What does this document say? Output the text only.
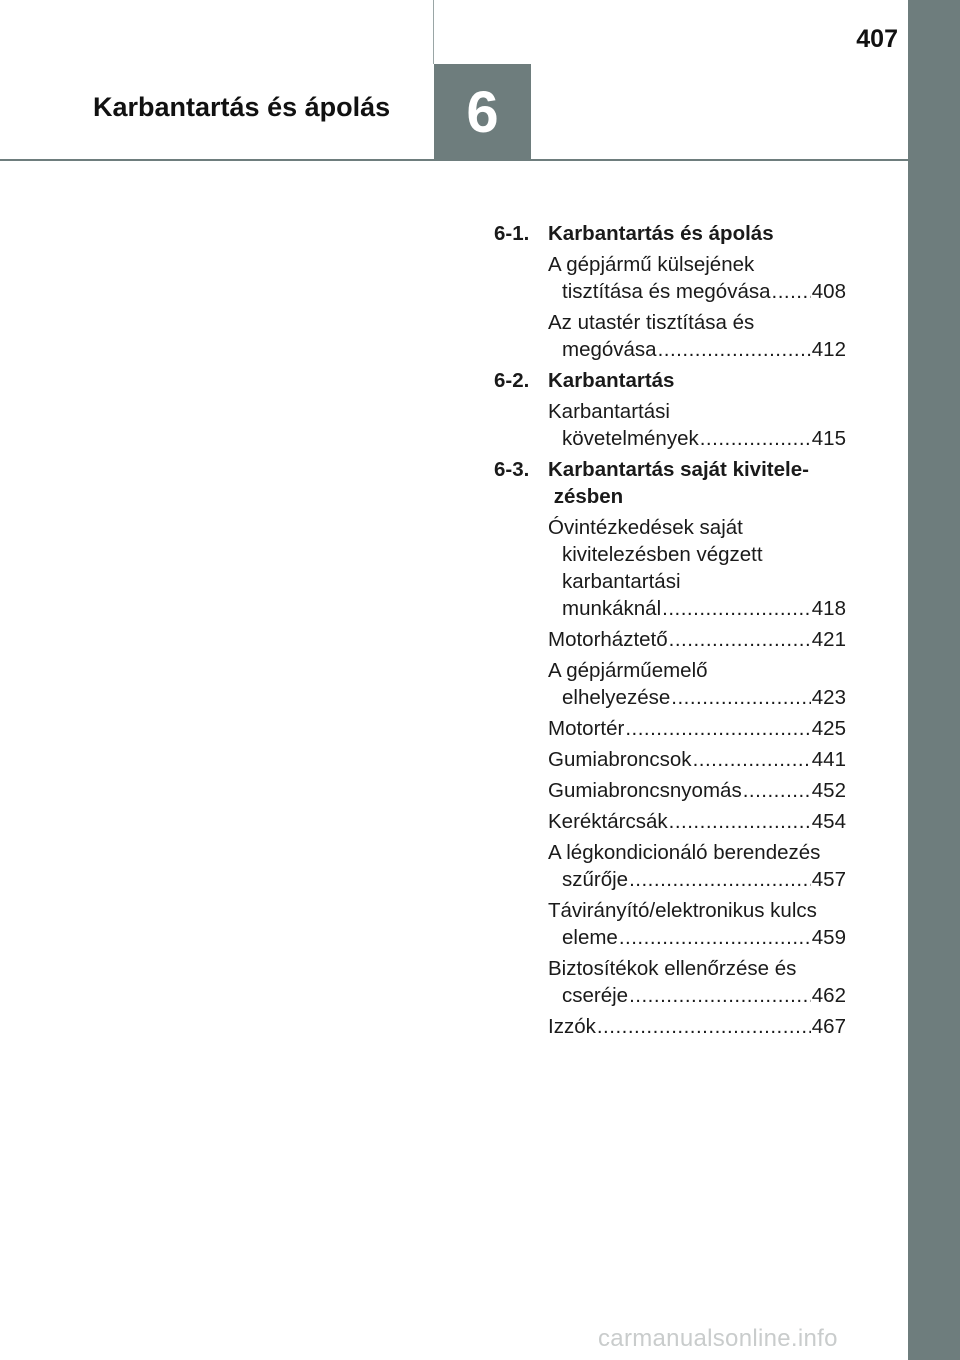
Karbantartás és ápolás	6
407
6-1. Karbantartás és ápolás
A gépjármű külsejének
tisztítása és megóvása ..... 408
Az utastér tisztítása és
megóvása .....	412
6-2. Karbantartás
Karbantartási
követelmények .....	415
6-3. Karbantartás saját kivitele- zésben
Óvintézkedések saját
kivitelezésben végzett
karbantartási
munkáknál .....	418
Motorháztető .....	421
A gépjárműemelő
elhelyezése .....	423
Motortér .....	425
Gumiabroncsok .....	441
Gumiabroncsnyomás .....	452
Keréktárcsák .....	454
A légkondicionáló berendezés
szűrője .....	457
Távirányító/elektronikus kulcs
eleme .....	459
Biztosítékok ellenőrzése és
cseréje .....	462
Izzók .....	467
carmanualsonline.info
